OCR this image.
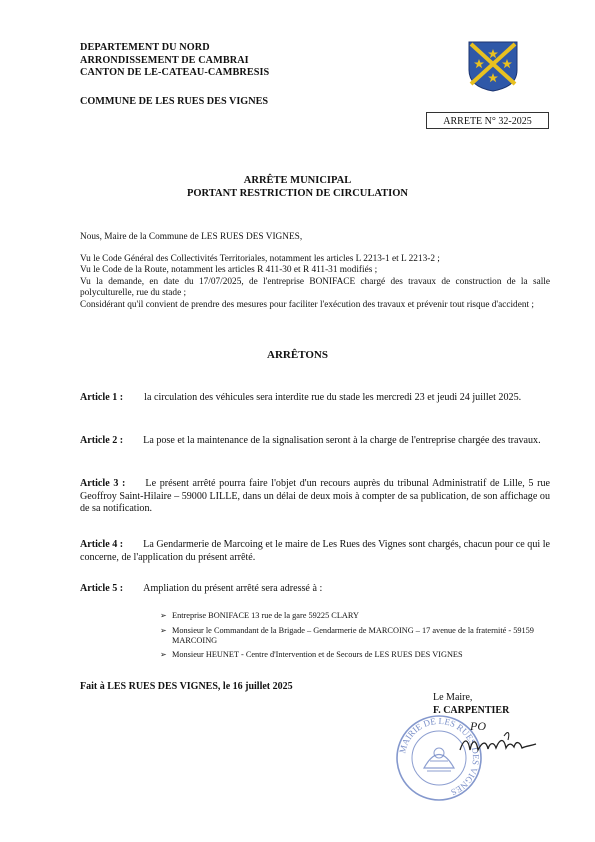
DEPARTEMENT DU NORD
ARRONDISSEMENT DE CAMBRAI
CANTON DE LE-CATEAU-CAMBRESIS
COMMUNE DE LES RUES DES VIGNES
ARRETE N° 32-2025
ARRÊTE MUNICIPAL
PORTANT RESTRICTION DE CIRCULATION
Nous, Maire de la Commune de LES RUES DES VIGNES,
Vu le Code Général des Collectivités Territoriales, notamment les articles L 2213-1 et L 2213-2 ;
Vu le Code de la Route, notamment les articles R 411-30 et R 411-31 modifiés ;
Vu la demande, en date du 17/07/2025, de l'entreprise BONIFACE chargé des travaux de construction de la salle polyculturelle, rue du stade ;
Considérant qu'il convient de prendre des mesures pour faciliter l'exécution des travaux et prévenir tout risque d'accident ;
ARRÊTONS
Article 1 : la circulation des véhicules sera interdite rue du stade les mercredi 23 et jeudi 24 juillet 2025.
Article 2 : La pose et la maintenance de la signalisation seront à la charge de l'entreprise chargée des travaux.
Article 3 : Le présent arrêté pourra faire l'objet d'un recours auprès du tribunal Administratif de Lille, 5 rue Geoffroy Saint-Hilaire – 59000 LILLE, dans un délai de deux mois à compter de sa publication, de son affichage ou de sa notification.
Article 4 : La Gendarmerie de Marcoing et le maire de Les Rues des Vignes sont chargés, chacun pour ce qui le concerne, de l'application du présent arrêté.
Article 5 : Ampliation du présent arrêté sera adressé à :
➢ Entreprise BONIFACE 13 rue de la gare 59225 CLARY
➢ Monsieur le Commandant de la Brigade – Gendarmerie de MARCOING – 17 avenue de la fraternité - 59159 MARCOING
➢ Monsieur HEUNET - Centre d'Intervention et de Secours de LES RUES DES VIGNES
Fait à LES RUES DES VIGNES, le 16 juillet 2025
Le Maire,
F. CARPENTIER
MAIRIE DE LES RUES DES VIGNES
PO
